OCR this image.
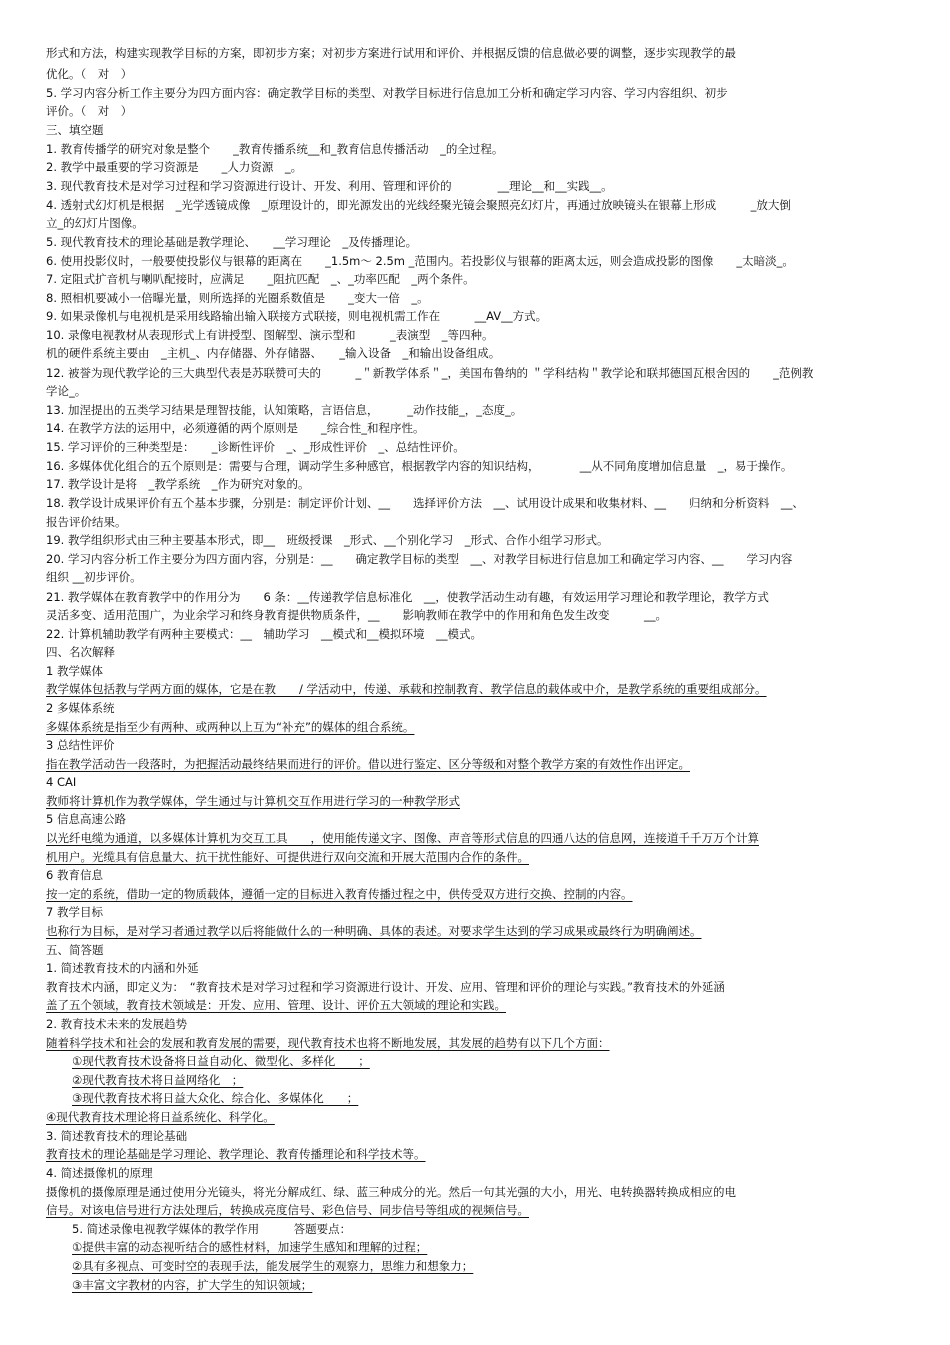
形式和方法，构建实现教学目标的方案，即初步方案；对初步方案进行试用和评价、并根据反馈的信息做必要的调整，逐步实现教学的最
优化。（　对　）
5. 学习内容分析工作主要分为四方面内容：确定教学目标的类型、对教学目标进行信息加工分析和确定学习内容、学习内容组织、初步
评价。（　对　）
三、填空题
1. 教育传播学的研究对象是整个　　_教育传播系统__和_教育信息传播活动　_的全过程。
2. 教学中最重要的学习资源是　　_人力资源　_。
3. 现代教育技术是对学习过程和学习资源进行设计、开发、利用、管理和评价的　　　　__理论__和__实践__。
4. 透射式幻灯机是根据　_光学透镜成像　_原理设计的，即光源发出的光线经聚光镜会聚照亮幻灯片，再通过放映镜头在银幕上形成　　　_放大倒
立_的幻灯片图像。
5. 现代教育技术的理论基础是教学理论、　　__学习理论　_及传播理论。
6. 使用投影仪时，一般要使投影仪与银幕的距离在　　_1.5m～ 2.5m _范围内。若投影仪与银幕的距离太远，则会造成投影的图像　　_太暗淡_。
7. 定阻式扩音机与喇叭配接时，应满足　　_阻抗匹配　_、_功率匹配　_两个条件。
8. 照相机要减小一倍曝光量，则所选择的光圈系数值是　　_变大一倍　_。
9. 如果录像机与电视机是采用线路输出输入联接方式联接，则电视机需工作在　　　__AV__方式。
10. 录像电视教材从表现形式上有讲授型、图解型、演示型和　　　_表演型　_等四种。
机的硬件系统主要由　_主机_、内存储器、外存储器、　　_输入设备　_和输出设备组成。
12. 被誉为现代教学论的三大典型代表是苏联赞可夫的　　　_＂新教学体系＂_，美国布鲁纳的 ＂学科结构＂教学论和联邦德国瓦根舍因的　　_范例教
学论_。
13. 加涅提出的五类学习结果是理智技能，认知策略，言语信息，　　　_动作技能_，_态度_。
14. 在教学方法的运用中，必须遵循的两个原则是　　_综合性_和程序性。
15. 学习评价的三种类型是：　　_诊断性评价　_、_形成性评价　_、总结性评价。
16. 多媒体优化组合的五个原则是：需要与合理，调动学生多种感官，根据教学内容的知识结构，　　　　__从不同角度增加信息量　_，易于操作。
17. 教学设计是将　_教学系统　_作为研究对象的。
18. 教学设计成果评价有五个基本步骤，分别是：制定评价计划、__　　选择评价方法　__、试用设计成果和收集材料、__　　归纳和分析资料　__、
报告评价结果。
19. 教学组织形式由三种主要基本形式，即__　班级授课　_形式、__个别化学习　_形式、合作小组学习形式。
20. 学习内容分析工作主要分为四方面内容，分别是：__　　确定教学目标的类型　__、对教学目标进行信息加工和确定学习内容、__　　学习内容
组织 __初步评价。
21. 教学媒体在教育教学中的作用分为　　6 条：__传递教学信息标准化　__，使教学活动生动有趣，有效运用学习理论和教学理论，教学方式
灵活多变、适用范围广，为业余学习和终身教育提供物质条件，__　　影响教师在教学中的作用和角色发生改变　　　__。
22. 计算机辅助教学有两种主要模式：__　辅助学习　__模式和__模拟环境　__模式。
四、名次解释
1 教学媒体
教学媒体包括教与学两方面的媒体，它是在教　　/ 学活动中，传递、承载和控制教育、教学信息的载体或中介，是教学系统的重要组成部分。
2 多媒体系统
多媒体系统是指至少有两种、或两种以上互为“补充”的媒体的组合系统。
3 总结性评价
指在教学活动告一段落时，为把握活动最终结果而进行的评价。借以进行鉴定、区分等级和对整个教学方案的有效性作出评定。
4 CAI
教师将计算机作为教学媒体，学生通过与计算机交互作用进行学习的一种教学形式
5 信息高速公路
以光纤电缆为通道，以多媒体计算机为交互工具　　，使用能传递文字、图像、声音等形式信息的四通八达的信息网，连接道千千万万个计算
机用户。光缆具有信息量大、抗干扰性能好、可提供进行双向交流和开展大范围内合作的条件。
6 教育信息
按一定的系统，借助一定的物质载体，遵循一定的目标进入教育传播过程之中，供传受双方进行交换、控制的内容。
7 教学目标
也称行为目标，是对学习者通过教学以后将能做什么的一种明确、具体的表述。对要求学生达到的学习成果或最终行为明确阐述。
五、简答题
1. 简述教育技术的内涵和外延
教育技术内涵，即定义为：　“教育技术是对学习过程和学习资源进行设计、开发、应用、管理和评价的理论与实践。”教育技术的外延涵
盖了五个领域，教育技术领域是：开发、应用、管理、设计、评价五大领域的理论和实践。
2. 教育技术未来的发展趋势
随着科学技术和社会的发展和教育发展的需要，现代教育技术也将不断地发展，其发展的趋势有以下几个方面：
①现代教育技术设备将日益自动化、微型化、多样化　　；
②现代教育技术将日益网络化　；
③现代教育技术将日益大众化、综合化、多媒体化　　；
④现代教育技术理论将日益系统化、科学化。
3. 简述教育技术的理论基础
教育技术的理论基础是学习理论、教学理论、教育传播理论和科学技术等。
4. 简述摄像机的原理
摄像机的摄像原理是通过使用分光镜头，将光分解成红、绿、蓝三种成分的光。然后一句其光强的大小，用光、电转换器转换成相应的电
信号。对该电信号进行方法处理后，转换成亮度信号、彩色信号、同步信号等组成的视频信号。
5. 简述录像电视教学媒体的教学作用　　　答题要点：
①提供丰富的动态视听结合的感性材料，加速学生感知和理解的过程；
②具有多视点、可变时空的表现手法，能发展学生的观察力，思维力和想象力；
③丰富文字教材的内容，扩大学生的知识领域；
